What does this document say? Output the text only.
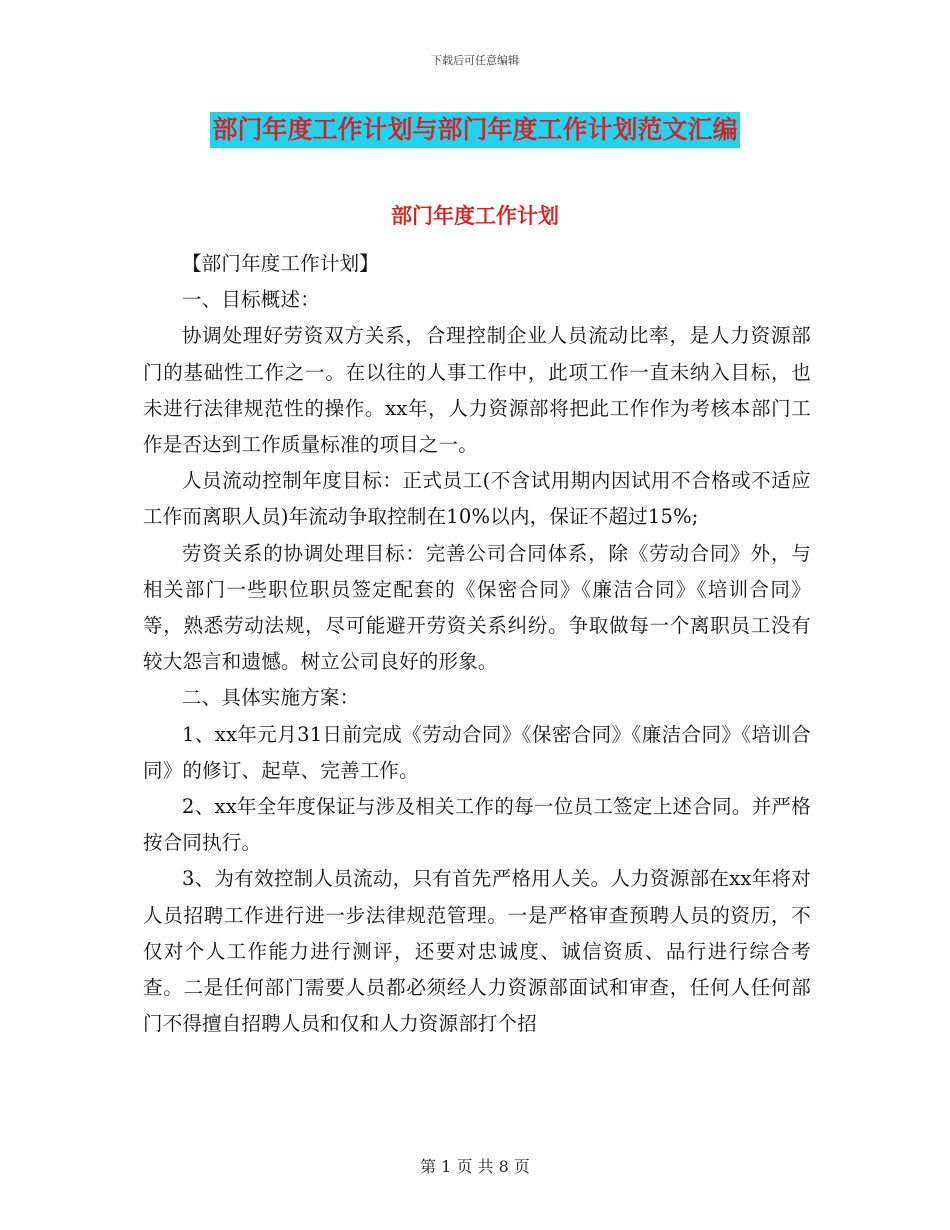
下载后可任意编辑
部门年度工作计划与部门年度工作计划范文汇编
部门年度工作计划

【部门年度工作计划】

一、目标概述：

协调处理好劳资双方关系，合理控制企业人员流动比率，是人力资源部门的基础性工作之一。在以往的人事工作中，此项工作一直未纳入目标，也未进行法律规范性的操作。xx年，人力资源部将把此工作作为考核本部门工作是否达到工作质量标准的项目之一。

人员流动控制年度目标：正式员工(不含试用期内因试用不合格或不适应工作而离职人员)年流动争取控制在10%以内，保证不超过15%;

劳资关系的协调处理目标：完善公司合同体系，除《劳动合同》外，与相关部门一些职位职员签定配套的《保密合同》《廉洁合同》《培训合同》等，熟悉劳动法规，尽可能避开劳资关系纠纷。争取做每一个离职员工没有较大怨言和遗憾。树立公司良好的形象。

二、具体实施方案：

1、xx年元月31日前完成《劳动合同》《保密合同》《廉洁合同》《培训合同》的修订、起草、完善工作。

2、xx年全年度保证与涉及相关工作的每一位员工签定上述合同。并严格按合同执行。

3、为有效控制人员流动，只有首先严格用人关。人力资源部在xx年将对人员招聘工作进行进一步法律规范管理。一是严格审查预聘人员的资历，不仅对个人工作能力进行测评，还要对忠诚度、诚信资质、品行进行综合考查。二是任何部门需要人员都必须经人力资源部面试和审查，任何人任何部门不得擅自招聘人员和仅和人力资源部打个招

第 1 页 共 8 页
